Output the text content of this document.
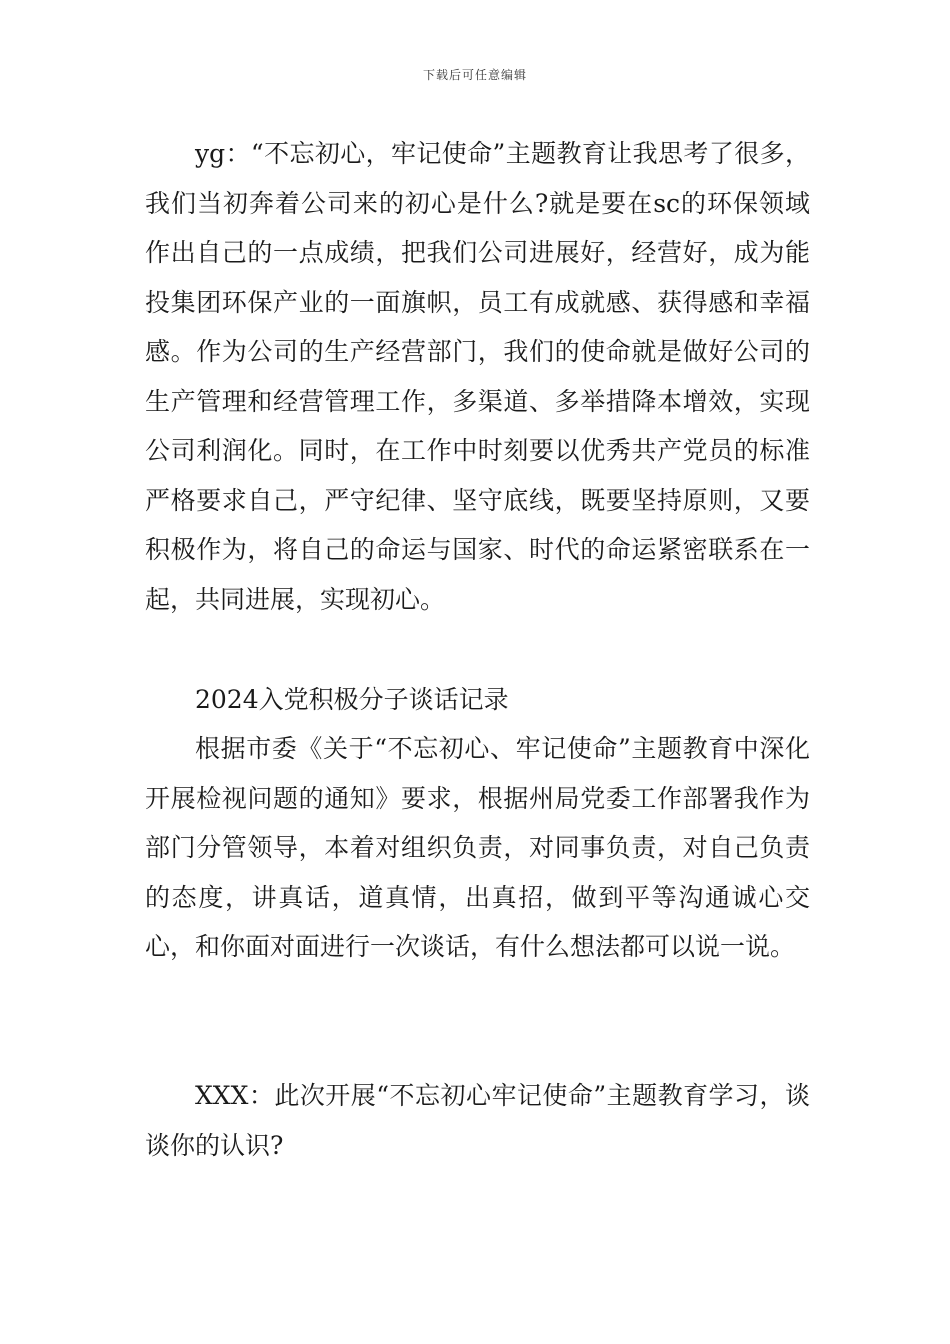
下载后可任意编辑

yg：“不忘初心，牢记使命”主题教育让我思考了很多，我们当初奔着公司来的初心是什么?就是要在sc的环保领域作出自己的一点成绩，把我们公司进展好，经营好，成为能投集团环保产业的一面旗帜，员工有成就感、获得感和幸福感。作为公司的生产经营部门，我们的使命就是做好公司的生产管理和经营管理工作，多渠道、多举措降本增效，实现公司利润化。同时，在工作中时刻要以优秀共产党员的标准严格要求自己，严守纪律、坚守底线，既要坚持原则，又要积极作为，将自己的命运与国家、时代的命运紧密联系在一起，共同进展，实现初心。

2024入党积极分子谈话记录

根据市委《关于“不忘初心、牢记使命”主题教育中深化开展检视问题的通知》要求，根据州局党委工作部署我作为部门分管领导，本着对组织负责，对同事负责，对自己负责的态度，讲真话，道真情，出真招，做到平等沟通诚心交心，和你面对面进行一次谈话，有什么想法都可以说一说。

XXX：此次开展“不忘初心牢记使命”主题教育学习，谈谈你的认识?
